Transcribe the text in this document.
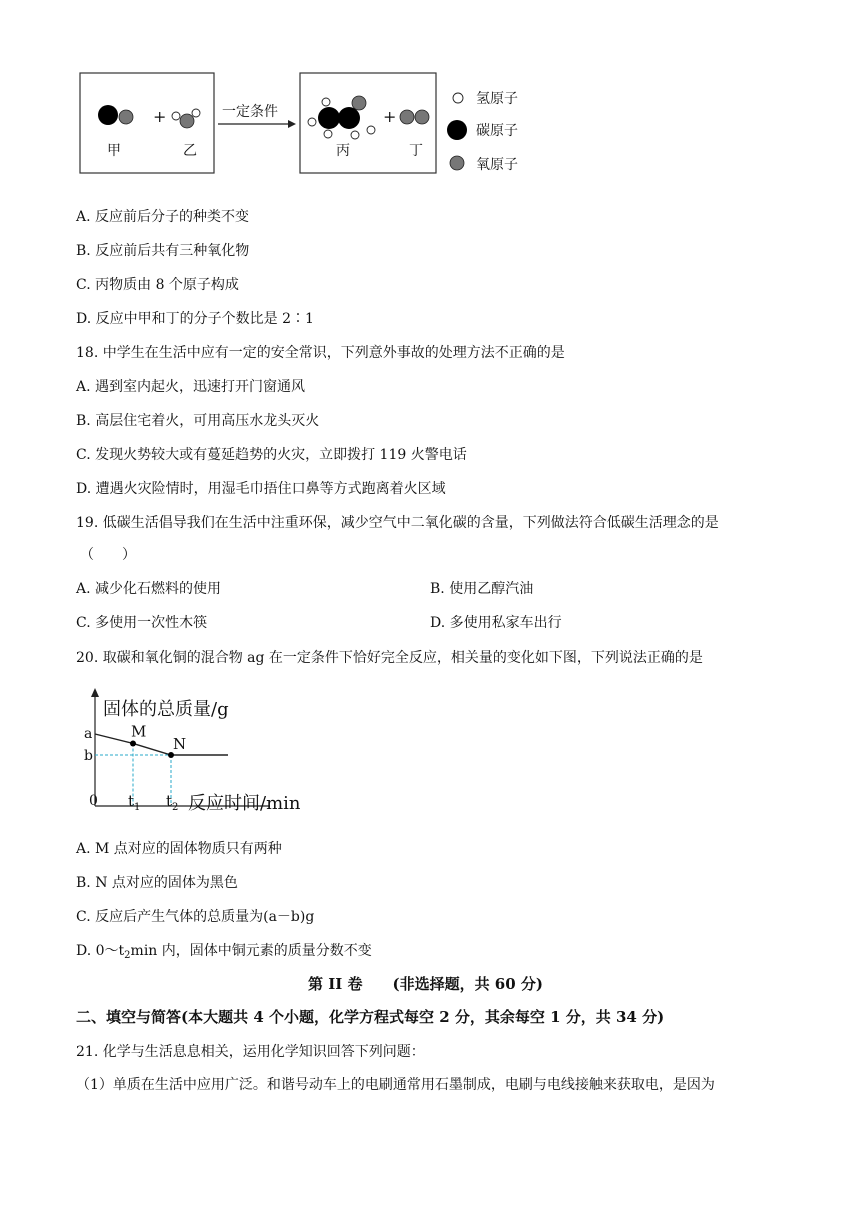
+
甲	乙
一定条件	+
丙	丁
氢原子
碳原子
氧原子
A. 反应前后分子的种类不变
B. 反应前后共有三种氧化物
C. 丙物质由 8 个原子构成
D. 反应中甲和丁的分子个数比是 2∶1
18. 中学生在生活中应有一定的安全常识，下列意外事故的处理方法不正确的是
A. 遇到室内起火，迅速打开门窗通风
B. 高层住宅着火，可用高压水龙头灭火
C. 发现火势较大或有蔓延趋势的火灾，立即拨打 119 火警电话
D. 遭遇火灾险情时，用湿毛巾捂住口鼻等方式跑离着火区域
19. 低碳生活倡导我们在生活中注重环保，减少空气中二氧化碳的含量，下列做法符合低碳生活理念的是
（　　）
A. 减少化石燃料的使用	B. 使用乙醇汽油
C. 多使用一次性木筷	D. 多使用私家车出行
20. 取碳和氧化铜的混合物 ag 在一定条件下恰好完全反应，相关量的变化如下图，下列说法正确的是
固体的总质量/g
反应时间/min
0
M
N
a
b
$t_1$ $t_2$
A. M 点对应的固体物质只有两种
B. N 点对应的固体为黑色
C. 反应后产生气体的总质量为(a－b)g
D. $0\sim t_2\min$ 内，固体中铜元素的质量分数不变
第 II 卷　　(非选择题，共 60 分)
二、填空与简答(本大题共 4 个小题，化学方程式每空 2 分，其余每空 1 分，共 34 分)
21. 化学与生活息息相关，运用化学知识回答下列问题：
（1）单质在生活中应用广泛。和谐号动车上的电刷通常用石墨制成，电刷与电线接触来获取电，是因为
